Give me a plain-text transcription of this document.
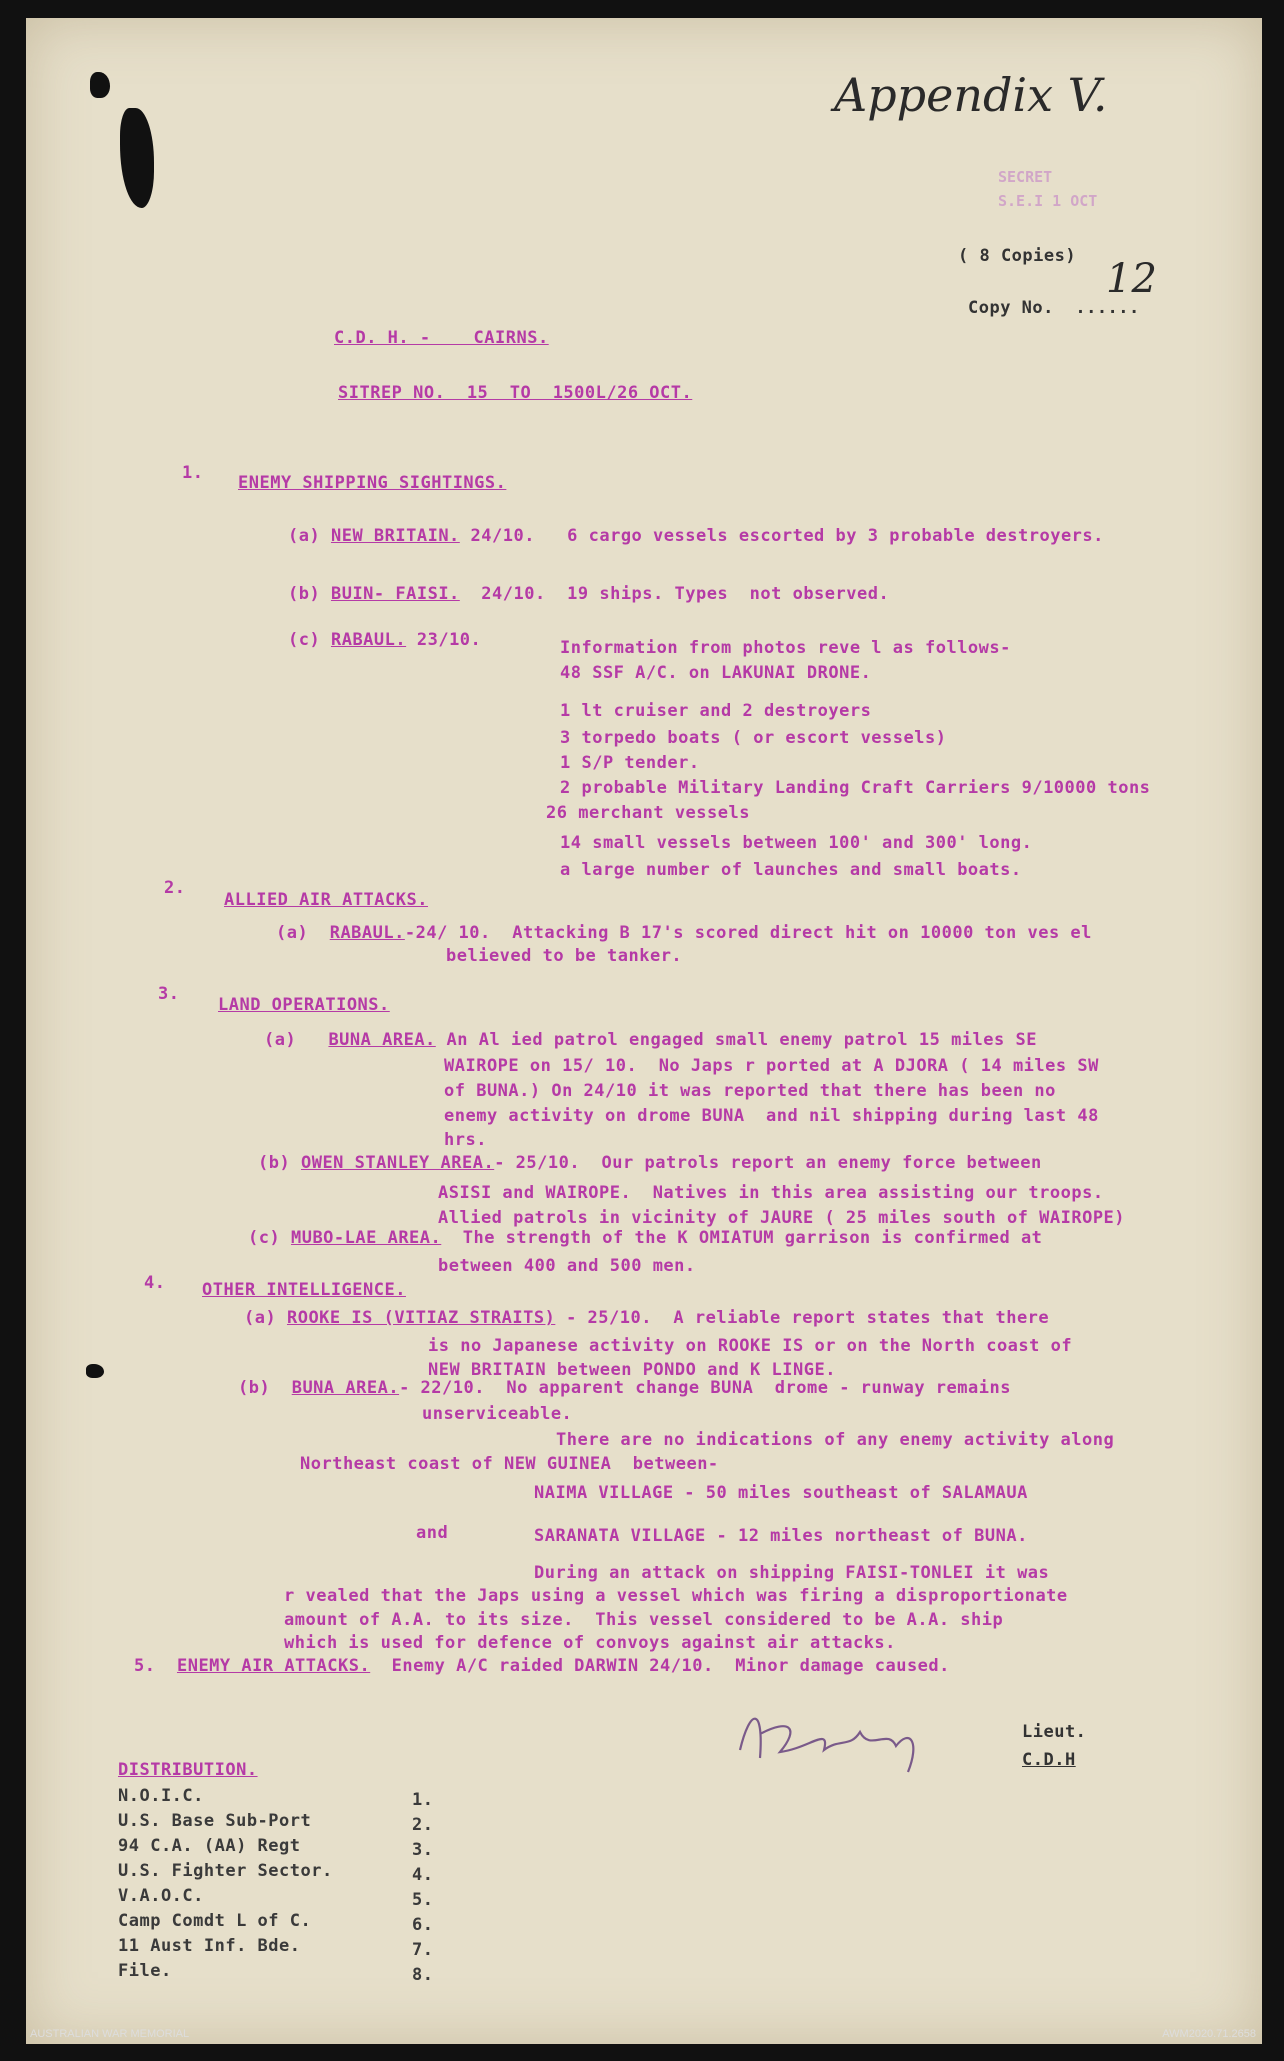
Appendix V.
SECRET
S.E.I 1 OCT
( 8 Copies)
Copy No.  ......
12
C.D. H. -    CAIRNS.
SITREP NO.  15  TO  1500L/26 OCT.
1. ENEMY SHIPPING SIGHTINGS.
(a) NEW BRITAIN. 24/10.   6 cargo vessels escorted by 3 probable destroyers.
(b) BUIN- FAISI.  24/10.  19 ships. Types  not observed.
(c) RABAUL. 23/10.	Information from photos reve l as follows-
48 SSF A/C. on LAKUNAI DRONE.
1 lt cruiser and 2 destroyers
3 torpedo boats ( or escort vessels)
1 S/P tender.
2 probable Military Landing Craft Carriers 9/10000 tons
26 merchant vessels
14 small vessels between 100' and 300' long.
a large number of launches and small boats.
2.
ALLIED AIR ATTACKS.
(a) RABAUL.-24/ 10.  Attacking B 17's scored direct hit on 10000 ton ves el
believed to be tanker.
3.
LAND OPERATIONS.
(a) BUNA AREA. An Al ied patrol engaged small enemy patrol 15 miles SE
WAIROPE on 15/ 10.  No Japs r ported at A DJORA ( 14 miles SW
of BUNA.) On 24/10 it was reported that there has been no
enemy activity on drome BUNA  and nil shipping during last 48
hrs.
(b) OWEN STANLEY AREA.- 25/10.  Our patrols report an enemy force between
ASISI and WAIROPE.  Natives in this area assisting our troops.
Allied patrols in vicinity of JAURE ( 25 miles south of WAIROPE)
(c) MUBO-LAE AREA.  The strength of the K OMIATUM garrison is confirmed at
between 400 and 500 men.
4. OTHER INTELLIGENCE.
(a) ROOKE IS (VITIAZ STRAITS) - 25/10.  A reliable report states that there
is no Japanese activity on ROOKE IS or on the North coast of
NEW BRITAIN between PONDO and K LINGE.
(b) BUNA AREA.- 22/10.  No apparent change BUNA  drome - runway remains
unserviceable.
There are no indications of any enemy activity along
Northeast coast of NEW GUINEA  between-
NAIMA VILLAGE - 50 miles southeast of SALAMAUA
and	SARANATA VILLAGE - 12 miles northeast of BUNA.
During an attack on shipping FAISI-TONLEI it was
r vealed that the Japs using a vessel which was firing a disproportionate
amount of A.A. to its size.  This vessel considered to be A.A. ship
which is used for defence of convoys against air attacks.
5. ENEMY AIR ATTACKS.  Enemy A/C raided DARWIN 24/10.  Minor damage caused.
Lieut.
C.D.H
DISTRIBUTION.
N.O.I.C.	1.
U.S. Base Sub-Port	2.
94 C.A. (AA) Regt	3.
U.S. Fighter Sector.	4.
V.A.O.C.	5.
Camp Comdt L of C.	6.
11 Aust Inf. Bde.	7.
File.	8.
AUSTRALIAN WAR MEMORIAL	AWM2020.71.2658
